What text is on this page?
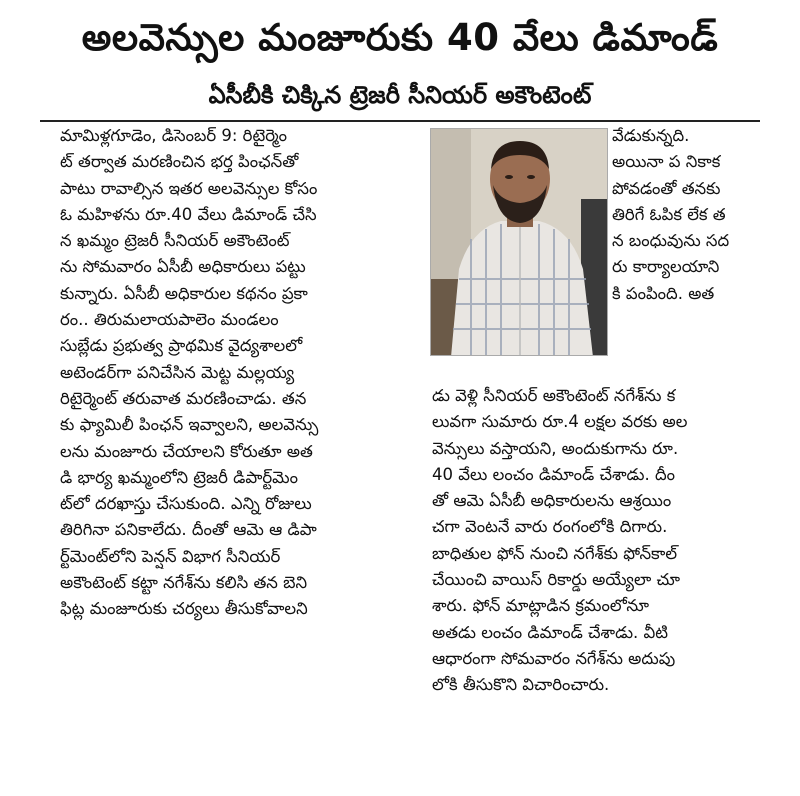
అలవెన్సుల మంజూరుకు 40 వేలు డిమాండ్
ఏసీబీకి చిక్కిన ట్రెజరీ సీనియర్ అకౌంటెంట్
మామిళ్లగూడెం, డిసెంబర్ 9: రిటైర్మెం
ట్ తర్వాత మరణించిన భర్త పింఛన్‌తో
పాటు రావాల్సిన ఇతర అలవెన్సుల కోసం
ఓ మహిళను రూ.40 వేలు డిమాండ్ చేసి
న ఖమ్మం ట్రెజరీ సీనియర్ అకౌంటెంట్
ను సోమవారం ఏసీబీ అధికారులు పట్టు
కున్నారు. ఏసీబీ అధికారుల కథనం ప్రకా
రం.. తిరుమలాయపాలెం మండలం
సుబ్లేడు ప్రభుత్వ ప్రాథమిక వైద్యశాలలో
అటెండర్‌గా పనిచేసిన మెట్ట మల్లయ్య
రిటైర్మెంట్ తరువాత మరణించాడు. తన
కు ఫ్యామిలీ పింఛన్ ఇవ్వాలని, అలవెన్సు
లను మంజూరు చేయాలని కోరుతూ అత
డి భార్య ఖమ్మంలోని ట్రెజరీ డిపార్ట్‌మెం
ట్‌లో దరఖాస్తు చేసుకుంది. ఎన్ని రోజులు
తిరిగినా పనికాలేదు. దీంతో ఆమె ఆ డిపా
ర్ట్‌మెంట్‌లోని పెన్షన్ విభాగ సీనియర్
అకౌంటెంట్ కట్టా నగేశ్‌ను కలిసి తన బెని
ఫిట్ల మంజూరుకు చర్యలు తీసుకోవాలని
వేడుకున్నది.
అయినా ప నికాక
పోవడంతో తనకు
తిరిగే ఓపిక లేక త
న బంధువును సద
రు కార్యాలయాని
కి పంపింది. అత
డు వెళ్లి సీనియర్ అకౌంటెంట్ నగేశ్‌ను క
లువగా సుమారు రూ.4 లక్షల వరకు అల
వెన్సులు వస్తాయని, అందుకుగాను రూ.
40 వేలు లంచం డిమాండ్ చేశాడు. దీం
తో ఆమె ఏసీబీ అధికారులను ఆశ్రయిం
చగా వెంటనే వారు రంగంలోకి దిగారు.
బాధితుల ఫోన్ నుంచి నగేశ్‌కు ఫోన్‌కాల్
చేయించి వాయిస్ రికార్డు అయ్యేలా చూ
శారు. ఫోన్ మాట్లాడిన క్రమంలోనూ
అతడు లంచం డిమాండ్ చేశాడు. వీటి
ఆధారంగా సోమవారం నగేశ్‌ను అదుపు
లోకి తీసుకొని విచారించారు.
